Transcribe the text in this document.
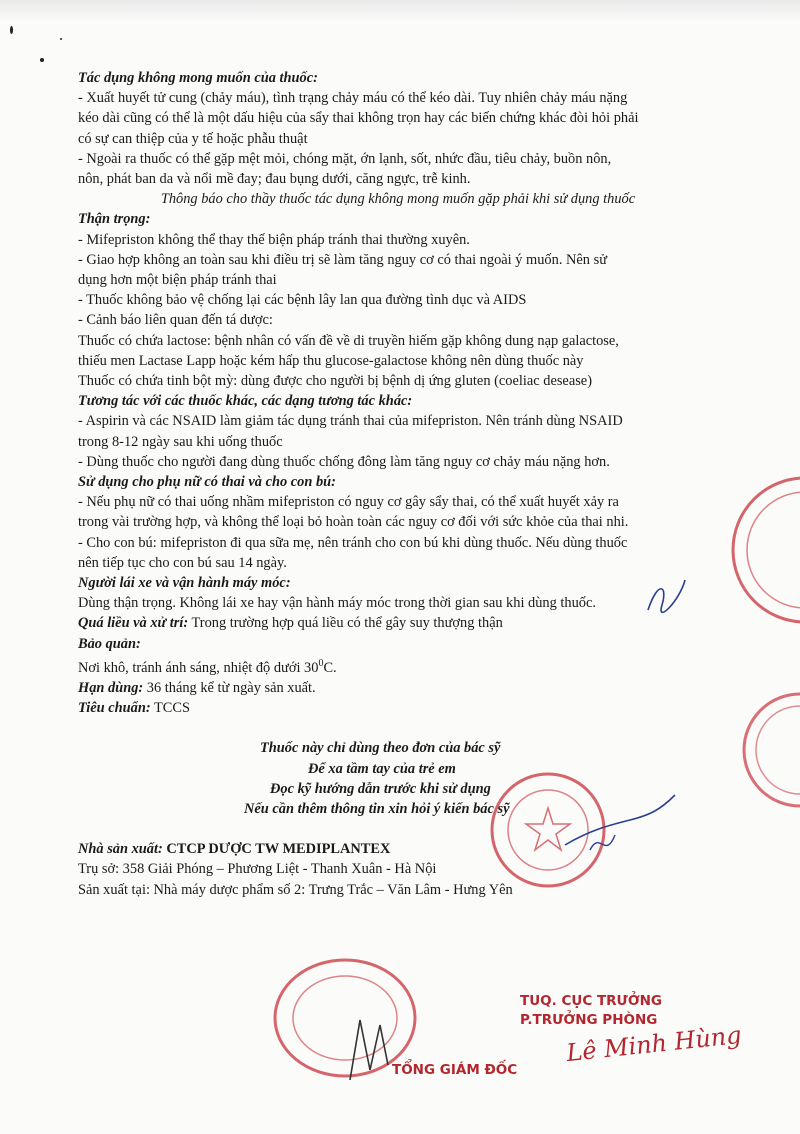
Tác dụng không mong muốn của thuốc:

- Xuất huyết tử cung (chảy máu), tình trạng chảy máu có thể kéo dài. Tuy nhiên chảy máu nặng

kéo dài cũng có thể là một dấu hiệu của sẩy thai không trọn hay các biến chứng khác đòi hỏi phải

có sự can thiệp của y tế hoặc phẫu thuật

- Ngoài ra thuốc có thể gặp mệt mỏi, chóng mặt, ớn lạnh, sốt, nhức đầu, tiêu chảy, buồn nôn,

nôn, phát ban da và nổi mề đay; đau bụng dưới, căng ngực, trễ kinh.

Thông báo cho thầy thuốc tác dụng không mong muốn gặp phải khi sử dụng thuốc

Thận trọng:

- Mifepriston không thể thay thế biện pháp tránh thai thường xuyên.

- Giao hợp không an toàn sau khi điều trị sẽ làm tăng nguy cơ có thai ngoài ý muốn. Nên sử

dụng hơn một biện pháp tránh thai

- Thuốc không bảo vệ chống lại các bệnh lây lan qua đường tình dục và AIDS

- Cảnh báo liên quan đến tá dược:

Thuốc có chứa lactose: bệnh nhân có vấn đề về di truyền hiếm gặp không dung nạp galactose,

thiếu men Lactase Lapp hoặc kém hấp thu glucose-galactose không nên dùng thuốc này

Thuốc có chứa tinh bột mỳ: dùng được cho người bị bệnh dị ứng gluten (coeliac desease)

Tương tác với các thuốc khác, các dạng tương tác khác:

- Aspirin và các NSAID làm giảm tác dụng tránh thai của mifepriston. Nên tránh dùng NSAID

trong 8-12 ngày sau khi uống thuốc

- Dùng thuốc cho người đang dùng thuốc chống đông làm tăng nguy cơ chảy máu nặng hơn.

Sử dụng cho phụ nữ có thai và cho con bú:

- Nếu phụ nữ có thai uống nhầm mifepriston có nguy cơ gây sẩy thai, có thể xuất huyết xảy ra

trong vài trường hợp, và không thể loại bỏ hoàn toàn các nguy cơ đối với sức khỏe của thai nhi.

- Cho con bú: mifepriston đi qua sữa mẹ, nên tránh cho con bú khi dùng thuốc. Nếu dùng thuốc

nên tiếp tục cho con bú sau 14 ngày.

Người lái xe và vận hành máy móc:

Dùng thận trọng. Không lái xe hay vận hành máy móc trong thời gian sau khi dùng thuốc.

Quá liều và xử trí: Trong trường hợp quá liều có thể gây suy thượng thận

Bảo quản:

Nơi khô, tránh ánh sáng, nhiệt độ dưới $30^0C$.

Hạn dùng: 36 tháng kể từ ngày sản xuất.

Tiêu chuẩn: TCCS

Thuốc này chỉ dùng theo đơn của bác sỹ

Để xa tầm tay của trẻ em

Đọc kỹ hướng dẫn trước khi sử dụng

Nếu cần thêm thông tin xin hỏi ý kiến bác sỹ

Nhà sản xuất: CTCP DƯỢC TW MEDIPLANTEX

Trụ sở: 358 Giải Phóng – Phương Liệt - Thanh Xuân - Hà Nội

Sản xuất tại: Nhà máy dược phẩm số 2: Trưng Trắc – Văn Lâm - Hưng Yên

TUQ. CỤC TRƯỞNG
P.TRƯỞNG PHÒNG
Lê Minh Hùng
TỔNG GIÁM ĐỐC
